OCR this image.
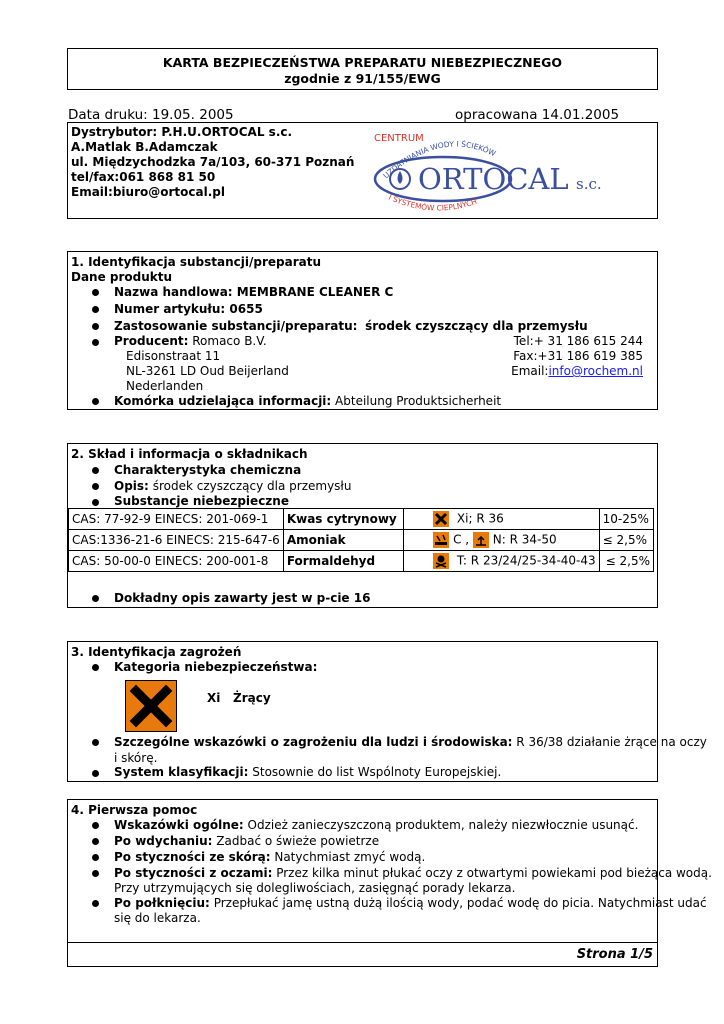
KARTA BEZPIECZEŃSTWA PREPARATU NIEBEZPIECZNEGO
zgodnie z 91/155/EWG
Data druku: 19.05. 2005	opracowana 14.01.2005
Dystrybutor: P.H.U.ORTOCAL s.c.
A.Matlak B.Adamczak
ul. Międzychodzka 7a/103, 60-371 Poznań
tel/fax:061 868 81 50
Email:biuro@ortocal.pl
CENTRUM
UZDATNIANIA WODY I ŚCIEKÓW
ORTOCAL s.c.
I SYSTEMÓW CIEPLNYCH
1. Identyfikacja substancji/preparatu
Dane produktu
Nazwa handlowa: MEMBRANE CLEANER C
Numer artykułu: 0655
Zastosowanie substancji/preparatu: środek czyszczący dla przemysłu
Producent: Romaco B.V.
Edisonstraat 11
NL-3261 LD Oud Beijerland
Nederlanden
Tel:+ 31 186 615 244
Fax:+31 186 619 385
Email:info@rochem.nl
Komórka udzielająca informacji: Abteilung Produktsicherheit
2. Skład i informacja o składnikach
Charakterystyka chemiczna
Opis: środek czyszczący dla przemysłu
Substancje niebezpieczne
Dokładny opis zawarty jest w p-cie 16
CAS: 77-92-9 EINECS: 201-069-1	Kwas cytrynowy	Xi; R 36	10-25%
CAS:1336-21-6 EINECS: 215-647-6	Amoniak	C , N: R 34-50	≤ 2,5%
CAS: 50-00-0 EINECS: 200-001-8	Formaldehyd	T: R 23/24/25-34-40-43	≤ 2,5%
3. Identyfikacja zagrożeń
Kategoria niebezpieczeństwa:
Xi Żrący
Szczególne wskazówki o zagrożeniu dla ludzi i środowiska: R 36/38 działanie żrące na oczy
i skórę.
System klasyfikacji: Stosownie do list Wspólnoty Europejskiej.
4. Pierwsza pomoc
Wskazówki ogólne: Odzież zanieczyszczoną produktem, należy niezwłocznie usunąć.
Po wdychaniu: Zadbać o świeże powietrze
Po styczności ze skórą: Natychmiast zmyć wodą.
Po styczności z oczami: Przez kilka minut płukać oczy z otwartymi powiekami pod bieżąca wodą.
Przy utrzymujących się dolegliwościach, zasięgnąć porady lekarza.
Po połknięciu: Przepłukać jamę ustną dużą ilością wody, podać wodę do picia. Natychmiast udać
się do lekarza.
Strona 1/5
